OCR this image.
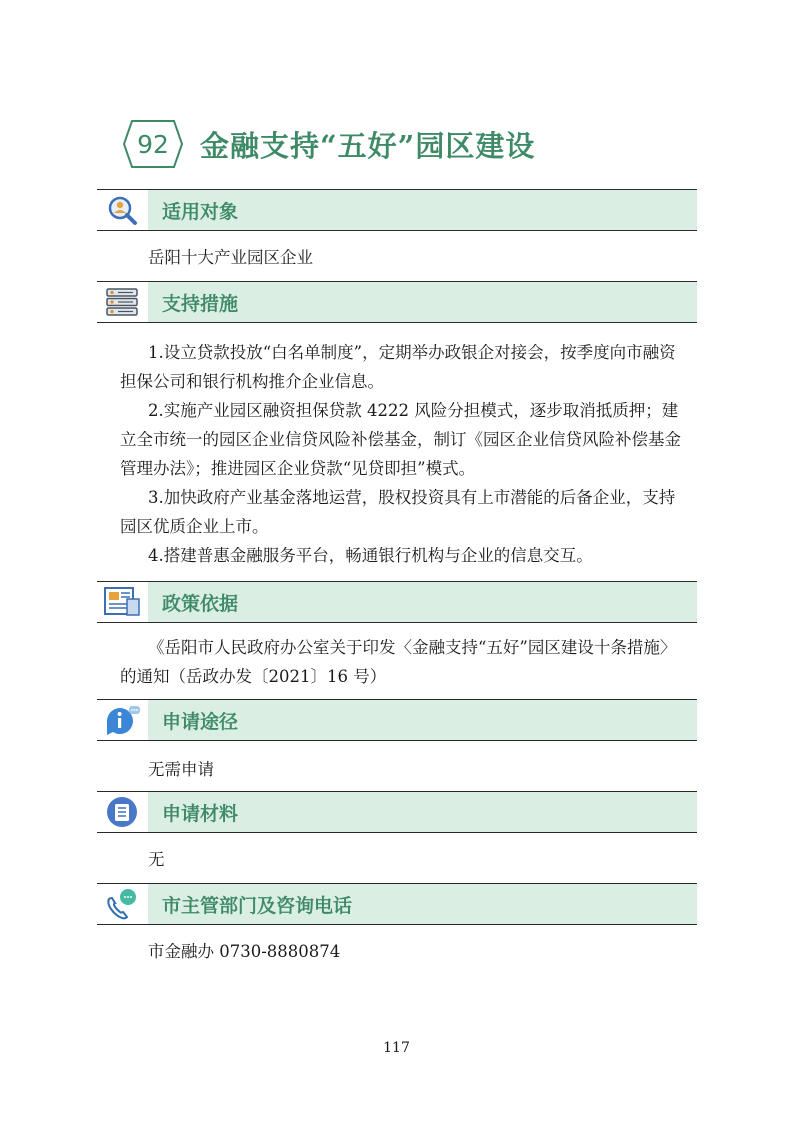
92	金融支持“五好”园区建设
适用对象
岳阳十大产业园区企业
支持措施

1.设立贷款投放“白名单制度”，定期举办政银企对接会，按季度向市融资担保公司和银行机构推介企业信息。

2.实施产业园区融资担保贷款 4222 风险分担模式，逐步取消抵质押；建立全市统一的园区企业信贷风险补偿基金，制订《园区企业信贷风险补偿基金管理办法》；推进园区企业贷款“见贷即担”模式。

3.加快政府产业基金落地运营，股权投资具有上市潜能的后备企业，支持园区优质企业上市。

4.搭建普惠金融服务平台，畅通银行机构与企业的信息交互。

政策依据

《岳阳市人民政府办公室关于印发〈金融支持“五好”园区建设十条措施〉的通知（岳政办发〔2021〕16 号）

申请途径
无需申请
申请材料
无
市主管部门及咨询电话
市金融办 0730-8880874
117
